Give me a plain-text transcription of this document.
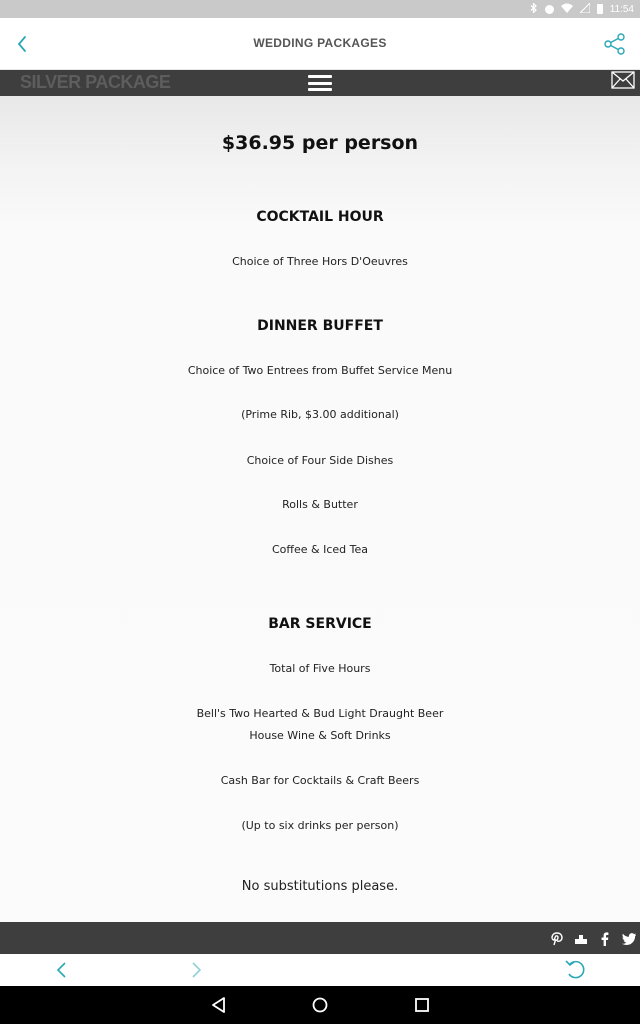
11:54
WEDDING PACKAGES
SILVER PACKAGE
$36.95 per person
COCKTAIL HOUR
Choice of Three Hors D'Oeuvres
DINNER BUFFET
Choice of Two Entrees from Buffet Service Menu
(Prime Rib, $3.00 additional)
Choice of Four Side Dishes
Rolls & Butter
Coffee & Iced Tea
BAR SERVICE
Total of Five Hours
Bell's Two Hearted & Bud Light Draught Beer
House Wine & Soft Drinks
Cash Bar for Cocktails & Craft Beers
(Up to six drinks per person)
No substitutions please.
